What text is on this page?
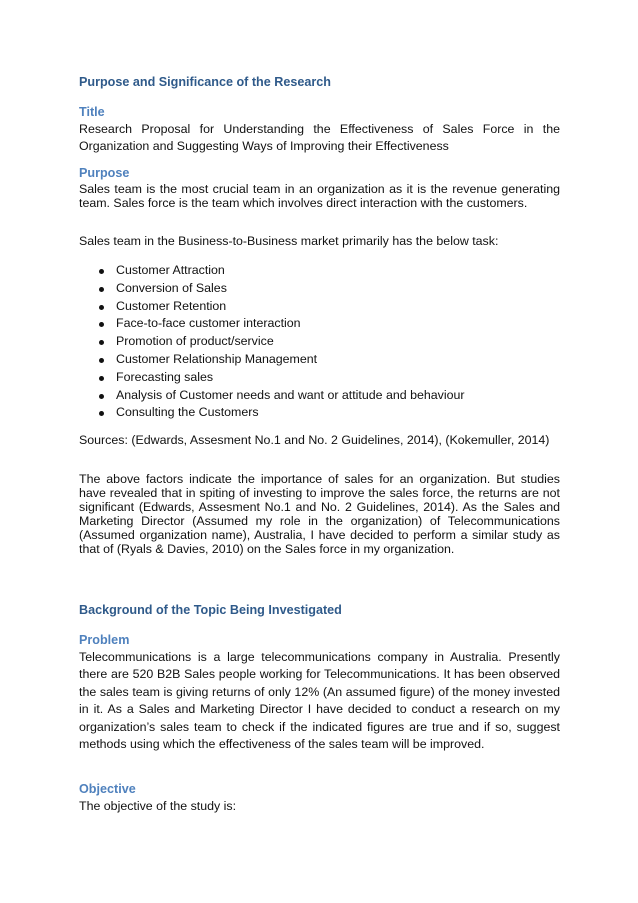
Purpose and Significance of the Research
Title
Research Proposal for Understanding the Effectiveness of Sales Force in the
Organization and Suggesting Ways of Improving their Effectiveness
Purpose
Sales team is the most crucial team in an organization as it is the revenue generating team. Sales force is the team which involves direct interaction with the customers.
Sales team in the Business-to-Business market primarily has the below task:
Customer Attraction
Conversion of Sales
Customer Retention
Face-to-face customer interaction
Promotion of product/service
Customer Relationship Management
Forecasting sales
Analysis of Customer needs and want or attitude and behaviour
Consulting the Customers
Sources: (Edwards, Assesment No.1 and No. 2 Guidelines, 2014), (Kokemuller, 2014)
The above factors indicate the importance of sales for an organization. But studies have revealed that in spiting of investing to improve the sales force, the returns are not significant (Edwards, Assesment No.1 and No. 2 Guidelines, 2014). As the Sales and Marketing Director (Assumed my role in the organization) of Telecommunications (Assumed organization name), Australia, I have decided to perform a similar study as that of (Ryals & Davies, 2010) on the Sales force in my organization.
Background of the Topic Being Investigated
Problem
Telecommunications is a large telecommunications company in Australia. Presently there are 520 B2B Sales people working for Telecommunications. It has been observed the sales team is giving returns of only 12% (An assumed figure) of the money invested in it. As a Sales and Marketing Director I have decided to conduct a research on my organization’s sales team to check if the indicated figures are true and if so, suggest methods using which the effectiveness of the sales team will be improved.
Objective
The objective of the study is:
